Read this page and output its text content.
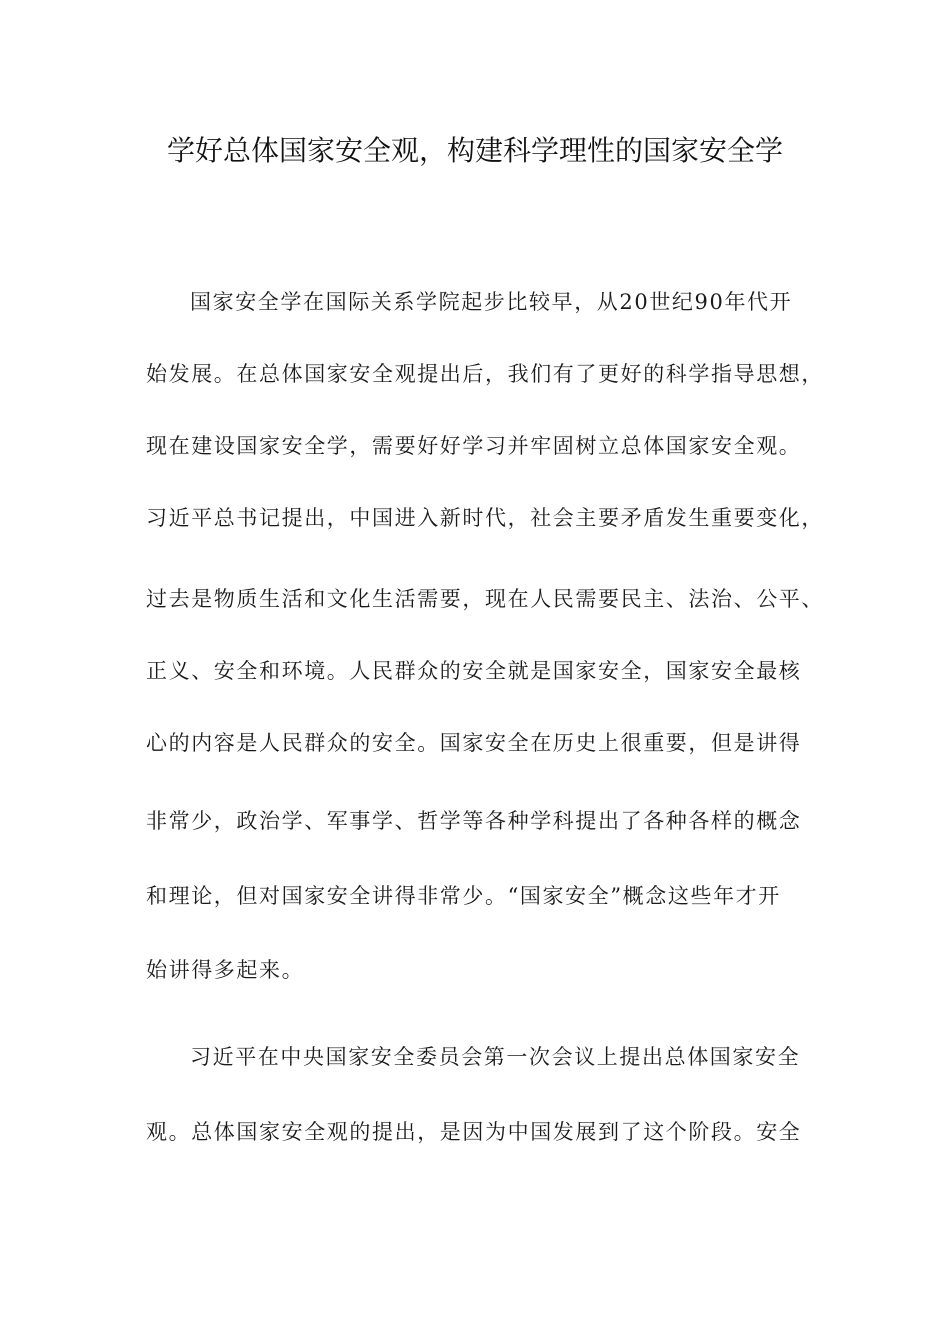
学好总体国家安全观，构建科学理性的国家安全学
国家安全学在国际关系学院起步比较早，从20世纪90年代开
始发展。在总体国家安全观提出后，我们有了更好的科学指导思想，
现在建设国家安全学，需要好好学习并牢固树立总体国家安全观。
习近平总书记提出，中国进入新时代，社会主要矛盾发生重要变化，
过去是物质生活和文化生活需要，现在人民需要民主、法治、公平、
正义、安全和环境。人民群众的安全就是国家安全，国家安全最核
心的内容是人民群众的安全。国家安全在历史上很重要，但是讲得
非常少，政治学、军事学、哲学等各种学科提出了各种各样的概念
和理论，但对国家安全讲得非常少。“国家安全”概念这些年才开
始讲得多起来。
习近平在中央国家安全委员会第一次会议上提出总体国家安全
观。总体国家安全观的提出，是因为中国发展到了这个阶段。安全
